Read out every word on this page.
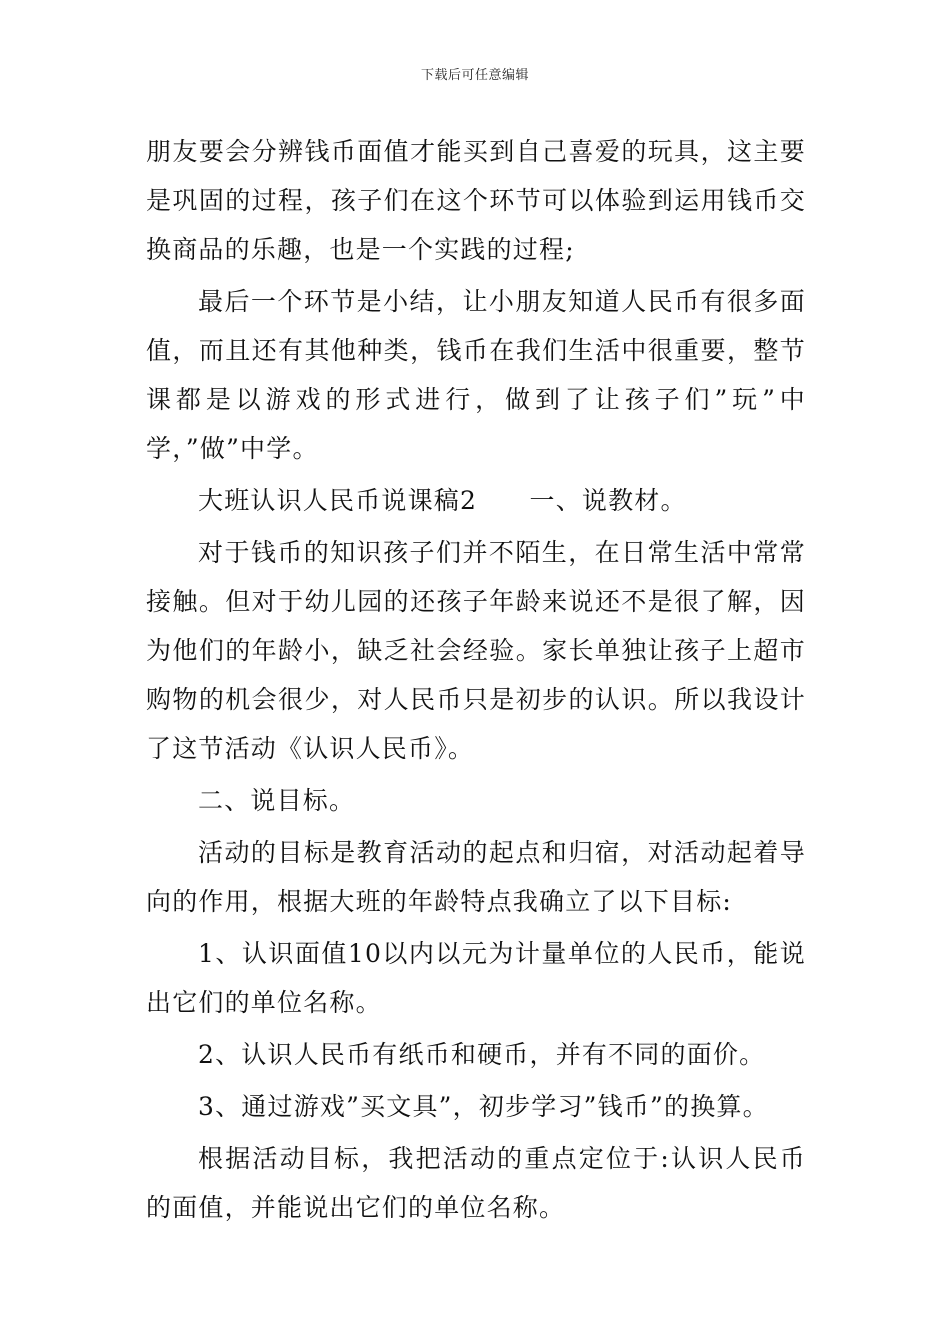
下载后可任意编辑

朋友要会分辨钱币面值才能买到自己喜爱的玩具，这主要是巩固的过程，孩子们在这个环节可以体验到运用钱币交换商品的乐趣，也是一个实践的过程;

最后一个环节是小结，让小朋友知道人民币有很多面值，而且还有其他种类，钱币在我们生活中很重要，整节课都是以游戏的形式进行，做到了让孩子们”玩”中学，”做”中学。

大班认识人民币说课稿2　　一、说教材。

对于钱币的知识孩子们并不陌生，在日常生活中常常接触。但对于幼儿园的还孩子年龄来说还不是很了解，因为他们的年龄小，缺乏社会经验。家长单独让孩子上超市购物的机会很少，对人民币只是初步的认识。所以我设计了这节活动《认识人民币》。

二、说目标。

活动的目标是教育活动的起点和归宿，对活动起着导向的作用，根据大班的年龄特点我确立了以下目标:

1、认识面值10以内以元为计量单位的人民币，能说出它们的单位名称。

2、认识人民币有纸币和硬币，并有不同的面价。

3、通过游戏”买文具”，初步学习”钱币”的换算。

根据活动目标，我把活动的重点定位于:认识人民币的面值，并能说出它们的单位名称。
